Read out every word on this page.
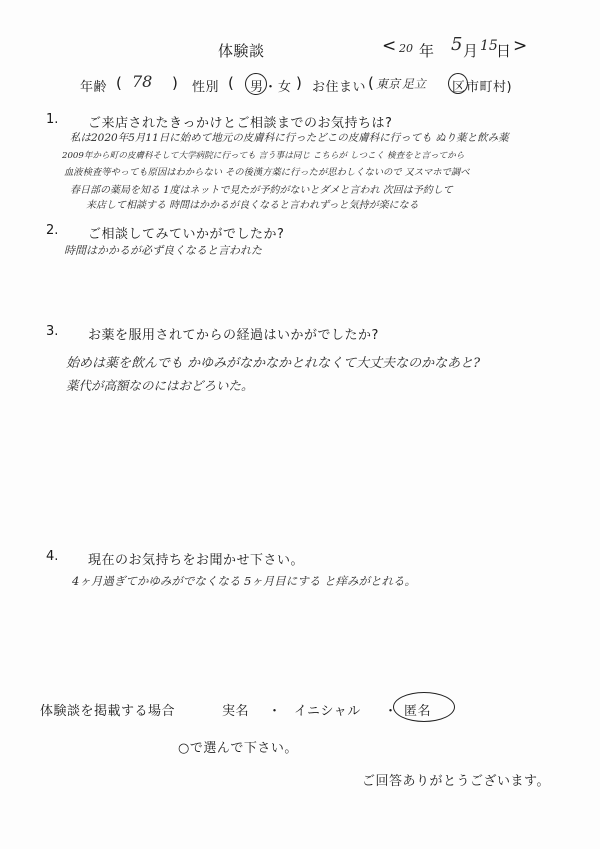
体験談	< 20 年 5 月 15
日 >
年齢 ( 78 ) 性別 ( 男 ・ 女 ) お住まい ( 東京 足立 区 市町村)
1. ご来店されたきっかけとご相談までのお気持ちは?
私は2020年5月11日に始めて地元の皮膚科に行ったどこの皮膚科に行っても ぬり薬と飲み薬
2009年から町の皮膚科そして大学病院に行っても 言う事は同じ こちらが しつこく 検査をと言ってから
血液検査等やっても原因はわからない その後漢方薬に行ったが思わしくないので 又スマホで調べ
春日部の薬局を知る 1度はネットで見たが予約がないとダメと言われ 次回は予約して
来店して相談する 時間はかかるが良くなると言われずっと気持が楽になる
2. ご相談してみていかがでしたか?
時間はかかるが必ず良くなると言われた
3. お薬を服用されてからの経過はいかがでしたか?
始めは薬を飲んでも かゆみがなかなかとれなくて大丈夫なのかなあと?
薬代が高額なのにはおどろいた。
4. 現在のお気持ちをお聞かせ下さい。
4ヶ月過ぎてかゆみがでなくなる 5ヶ月目にする と痒みがとれる。
体験談を掲載する場合	実名 ・ イニシャル ・ 匿名
○で選んで下さい。
ご回答ありがとうございます。
